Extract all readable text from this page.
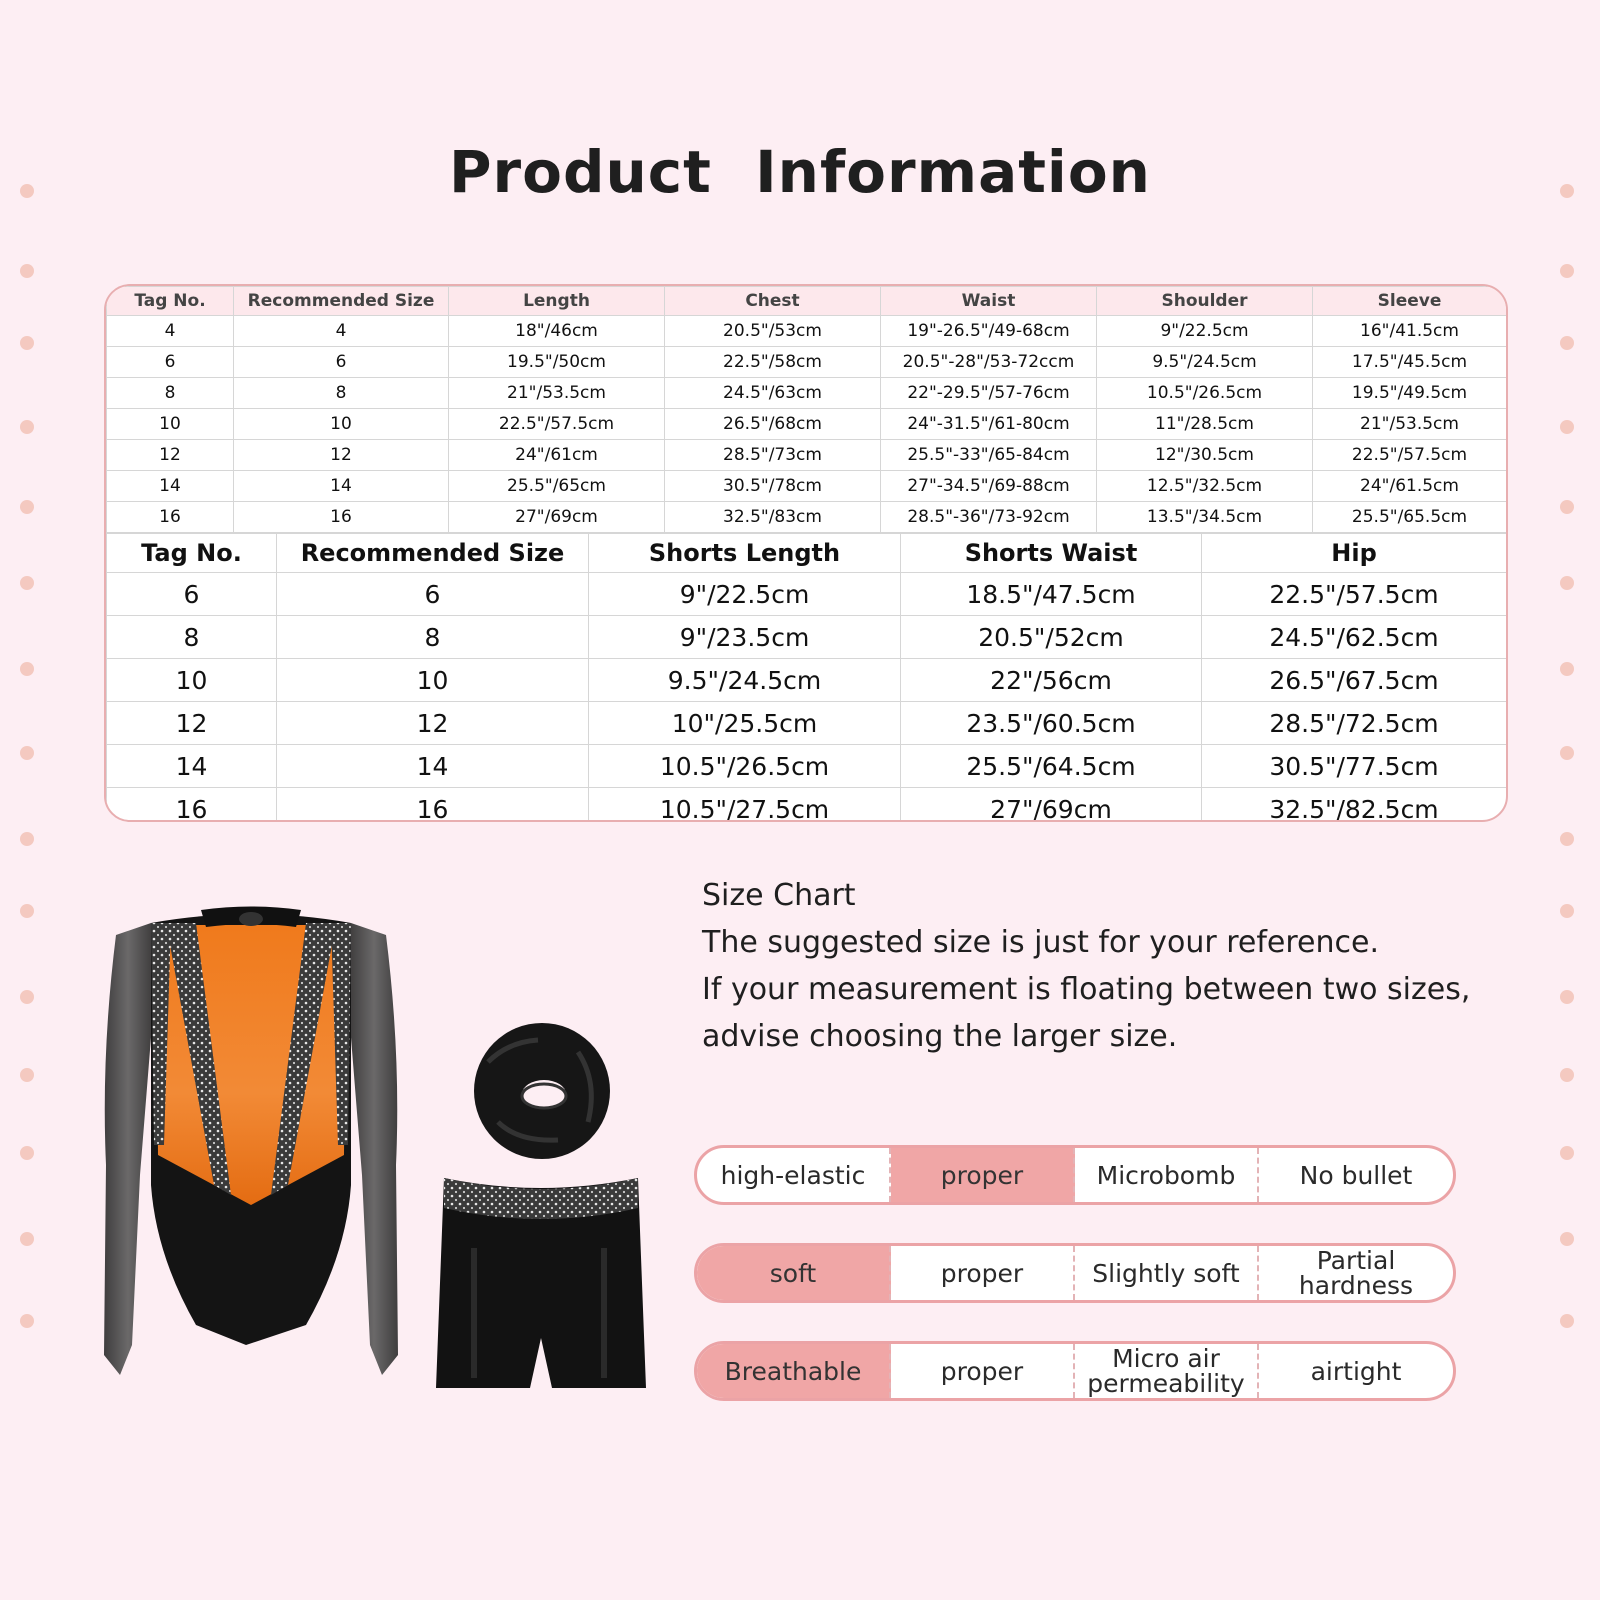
Product Information
Tag No.	Recommended Size	Length	Chest	Waist	Shoulder	Sleeve
4	4	18"/46cm	20.5"/53cm	19"-26.5"/49-68cm	9"/22.5cm	16"/41.5cm
6	6	19.5"/50cm	22.5"/58cm	20.5"-28"/53-72ccm	9.5"/24.5cm	17.5"/45.5cm
8	8	21"/53.5cm	24.5"/63cm	22"-29.5"/57-76cm	10.5"/26.5cm	19.5"/49.5cm
10	10	22.5"/57.5cm	26.5"/68cm	24"-31.5"/61-80cm	11"/28.5cm	21"/53.5cm
12	12	24"/61cm	28.5"/73cm	25.5"-33"/65-84cm	12"/30.5cm	22.5"/57.5cm
14	14	25.5"/65cm	30.5"/78cm	27"-34.5"/69-88cm	12.5"/32.5cm	24"/61.5cm
16	16	27"/69cm	32.5"/83cm	28.5"-36"/73-92cm	13.5"/34.5cm	25.5"/65.5cm
Tag No.	Recommended Size	Shorts Length	Shorts Waist	Hip
6	6	9"/22.5cm	18.5"/47.5cm	22.5"/57.5cm
8	8	9"/23.5cm	20.5"/52cm	24.5"/62.5cm
10	10	9.5"/24.5cm	22"/56cm	26.5"/67.5cm
12	12	10"/25.5cm	23.5"/60.5cm	28.5"/72.5cm
14	14	10.5"/26.5cm	25.5"/64.5cm	30.5"/77.5cm
16	16	10.5"/27.5cm	27"/69cm	32.5"/82.5cm
Size Chart
The suggested size is just for your reference.
If your measurement is floating between two sizes,
advise choosing the larger size.
high-elastic	proper	Microbomb	No bullet
soft	proper	Slightly soft	Partial hardness
Breathable	proper	Micro air permeability	airtight
